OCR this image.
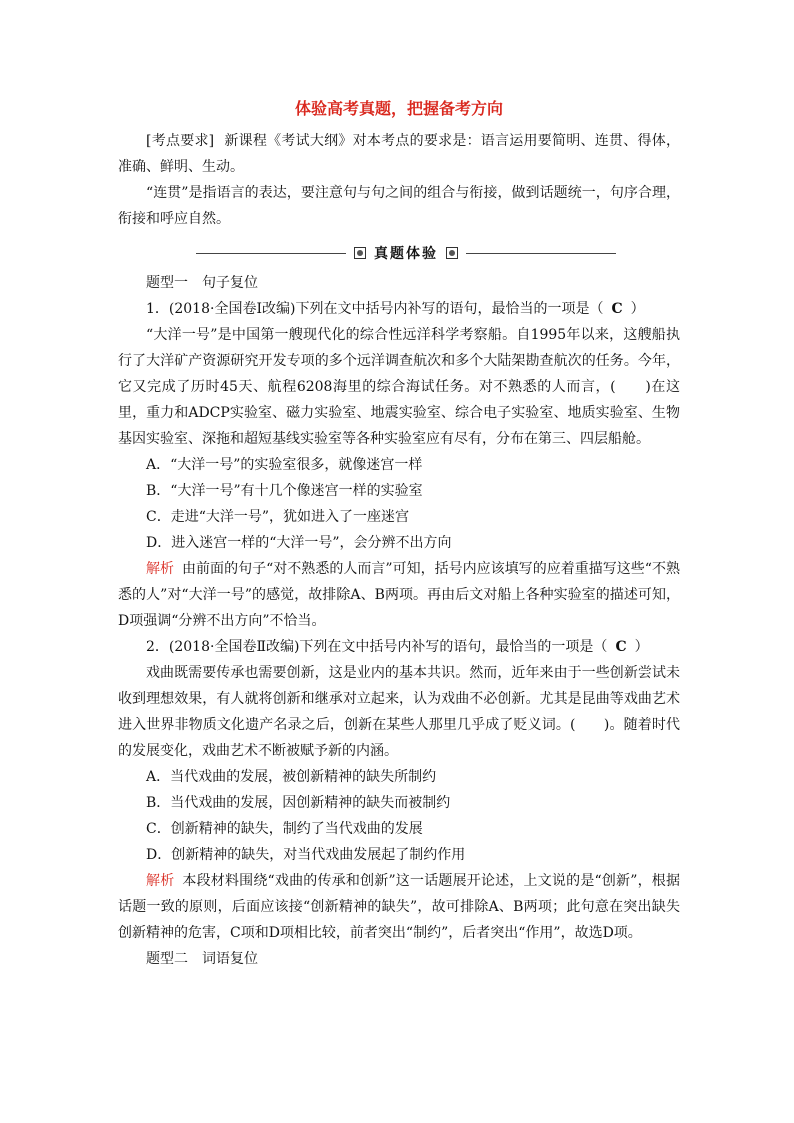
体验高考真题，把握备考方向

[考点要求] 新课程《考试大纲》对本考点的要求是：语言运用要简明、连贯、得体，准确、鲜明、生动。

“连贯”是指语言的表达，要注意句与句之间的组合与衔接，做到话题统一，句序合理，衔接和呼应自然。

真题体验

题型一　句子复位

1．(2018·全国卷Ⅰ改编)下列在文中括号内补写的语句，最恰当的一项是（ C ）

“大洋一号”是中国第一艘现代化的综合性远洋科学考察船。自1995年以来，这艘船执行了大洋矿产资源研究开发专项的多个远洋调查航次和多个大陆架勘查航次的任务。今年，它又完成了历时45天、航程6208海里的综合海试任务。对不熟悉的人而言，(　　)在这里，重力和ADCP实验室、磁力实验室、地震实验室、综合电子实验室、地质实验室、生物基因实验室、深拖和超短基线实验室等各种实验室应有尽有，分布在第三、四层船舱。

A．“大洋一号”的实验室很多，就像迷宫一样

B．“大洋一号”有十几个像迷宫一样的实验室

C．走进“大洋一号”，犹如进入了一座迷宫

D．进入迷宫一样的“大洋一号”，会分辨不出方向

解析 由前面的句子“对不熟悉的人而言”可知，括号内应该填写的应着重描写这些“不熟悉的人”对“大洋一号”的感觉，故排除A、B两项。再由后文对船上各种实验室的描述可知，D项强调“分辨不出方向”不恰当。

2．(2018·全国卷Ⅱ改编)下列在文中括号内补写的语句，最恰当的一项是（ C ）

戏曲既需要传承也需要创新，这是业内的基本共识。然而，近年来由于一些创新尝试未收到理想效果，有人就将创新和继承对立起来，认为戏曲不必创新。尤其是昆曲等戏曲艺术进入世界非物质文化遗产名录之后，创新在某些人那里几乎成了贬义词。(　　)。随着时代的发展变化，戏曲艺术不断被赋予新的内涵。

A．当代戏曲的发展，被创新精神的缺失所制约

B．当代戏曲的发展，因创新精神的缺失而被制约

C．创新精神的缺失，制约了当代戏曲的发展

D．创新精神的缺失，对当代戏曲发展起了制约作用

解析 本段材料围绕“戏曲的传承和创新”这一话题展开论述，上文说的是“创新”，根据话题一致的原则，后面应该接“创新精神的缺失”，故可排除A、B两项；此句意在突出缺失创新精神的危害，C项和D项相比较，前者突出“制约”，后者突出“作用”，故选D项。

题型二　词语复位
